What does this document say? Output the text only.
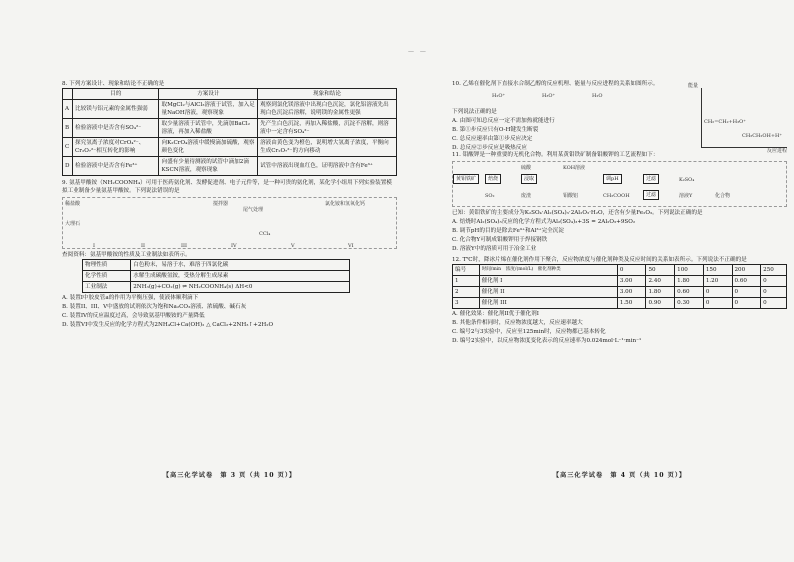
— —
8. 下列方案设计、现象和结论不正确的是
	目的	方案设计	现象和结论
A	比较镁与铝元素的金属性强弱	取MgCl₂与AlCl₃溶液于试管，加入足量NaOH溶液，观察现象	观察到氯化镁溶液中出现白色沉淀，氯化铝溶液先出现白色沉淀后溶解，说明镁的金属性更强
B	检验溶液中是否含有SO₄²⁻	取少量溶液于试管中，先滴加BaCl₂溶液，再加入稀盐酸	先产生白色沉淀，再加入稀盐酸，沉淀不溶解，则溶液中一定含有SO₄²⁻
C	探究氢离子浓度对CrO₄²⁻、Cr₂O₇²⁻相互转化的影响	向K₂CrO₄溶液中缓慢滴加硫酸，观察颜色变化	溶液由黄色变为橙色，说明增大氢离子浓度，平衡向生成Cr₂O₇²⁻的方向移动
D	检验溶液中是否含有Fe³⁺	向盛有少量待测液的试管中滴加2滴KSCN溶液，观察现象	试管中溶液出现血红色，证明溶液中含有Fe³⁺
9. 氨基甲酸铵（NH₂COONH₄）可用于医药氨化剂、发酵促进剂、电子元件等，是一种可贵的氨化剂，某化学小组用下列实验装置模拟工业制备少量氨基甲酸铵。下列说法错误的是
稀盐酸
大理石
I	II	III
搅拌器
尾气处理
IV
CCl₄
V
氯化铵和氢氧化钙
VI
查阅资料：氨基甲酸铵的性质及工业制法如表所示。
物理性质	白色粉末，易溶于水，难溶于四氯化碳
化学性质	水解生成碳酸氢铵，受热分解生成尿素
工业制法	2NH₃(g)+CO₂(g) ⇌ NH₂COONH₄(s) ΔH<0
A. 装置I中胶皮管a的作用为平衡压强，使液体顺利滴下
B. 装置II、III、V中盛放的试剂依次为饱和Na₂CO₃溶液、浓硫酸、碱石灰
C. 装置IV的反应温度过高，会导致氨基甲酸铵的产量降低
D. 装置VI中发生反应的化学方程式为2NH₄Cl+Ca(OH)₂ △ CaCl₂+2NH₃↑+2H₂O
【高三化学试卷　第 3 页（共 10 页）】
10. 乙烯在催化剂下直接水合制乙醇的反应机理、能量与反应进程的关系如图所示。
H₂O⁺	H₃O⁺	H₂O
下列说法正确的是
A. 由图可知总反应一定不需加热就能进行
B. 第①步反应只有O-H键发生断裂
C. 总反应速率由第①步反应决定
D. 总反应②步反应是吸热反应
能量
反应进程
CH₂=CH₂+H₃O⁺
CH₃CH₂OH+H⁺
11. 钼酸钾是一种重要的无机化合物。利用某黄钼铁矿制备钼酸钾的工艺流程如下：
黄钼铁矿	焙烧
硫酸
浸取
KOH溶液
调pH	过滤	K₂SO₄
SO₂	废渣	钼酸铝	CH₃COOH	过滤	溶液Y	化合物
已知：黄钼铁矿的主要成分为K₂SO₄·Al₂(SO₄)₃·2Al₂O₃·H₂O，还含有少量Fe₂O₃。下列说法正确的是
A. 焙烧时Al₂(SO₄)₃反应的化学方程式为Al₂(SO₄)₃+3S = 2Al₂O₃+9SO₂
B. 调节pH的目的是除去Fe³⁺和Al³⁺完全沉淀
C. 化合物Y可制成钼酸钾用于焊接钢铁
D. 溶液Y中的溶质可用于冶金工业
12. T℃时，降冰片烯在催化剂作用下聚合，反应物浓度与催化剂种类及反应时间的关系如表所示。下列说法不正确的是
编号	时间/min　浓度/(mol/L)　催化剂种类	0	50	100	150	200	250
1	催化剂 I	3.00	2.40	1.80	1.20	0.60	0
2	催化剂 II	3.00	1.80	0.60	0	0	0
3	催化剂 III	1.50	0.90	0.30	0	0	0
A. 催化效果：催化剂II优于催化剂I
B. 其他条件相同时，反应物浓度越大，反应速率越大
C. 编号2与3实验中，反应至125min时，反应物都已基本转化
D. 编号2实验中，以反应物浓度变化表示的反应速率为0.024mol·L⁻¹·min⁻¹
【高三化学试卷　第 4 页（共 10 页）】
